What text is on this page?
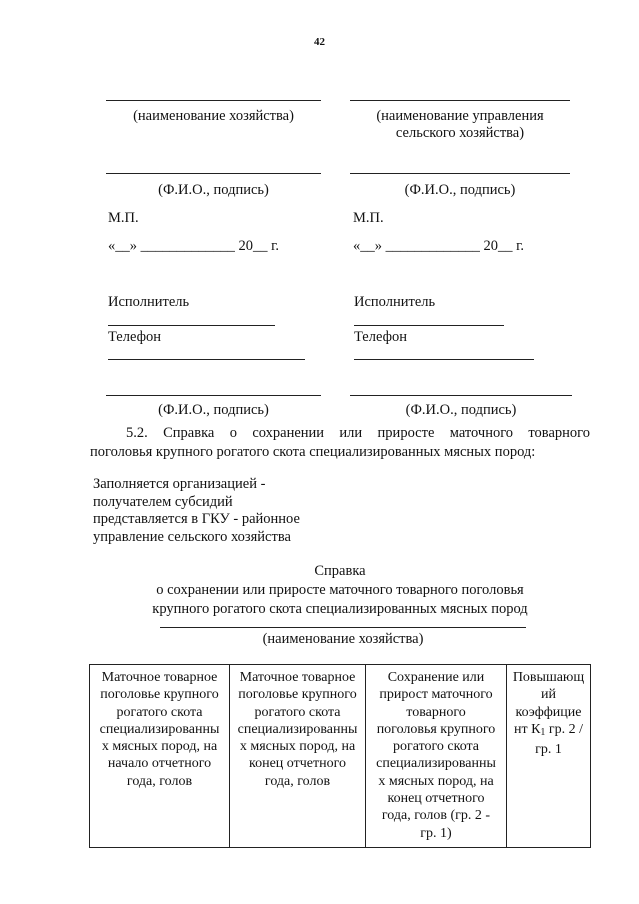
42
(наименование хозяйства)
(Ф.И.О., подпись)
М.П.
«__» _____________ 20__ г.
Исполнитель
Телефон
(Ф.И.О., подпись)
(наименование управления
сельского хозяйства)
(Ф.И.О., подпись)
М.П.
«__» _____________ 20__ г.
Исполнитель
Телефон
(Ф.И.О., подпись)
5.2. Справка о сохранении или приросте маточного товарного
поголовья крупного рогатого скота специализированных мясных пород:
Заполняется организацией -
получателем субсидий
представляется в ГКУ - районное
управление сельского хозяйства
Справка
о сохранении или приросте маточного товарного поголовья
крупного рогатого скота специализированных мясных пород
(наименование хозяйства)
Маточное товарное
поголовье крупного
рогатого скота
специализированны
х мясных пород, на
начало отчетного
года, голов

Маточное товарное
поголовье крупного
рогатого скота
специализированны
х мясных пород, на
конец отчетного
года, голов

Сохранение или
прирост маточного
товарного
поголовья крупного
рогатого скота
специализированны
х мясных пород, на
конец отчетного
года, голов (гр. 2 -
гр. 1)

Повышающ
ий
коэффицие
нт $К_1$ гр. 2 /
гр. 1
